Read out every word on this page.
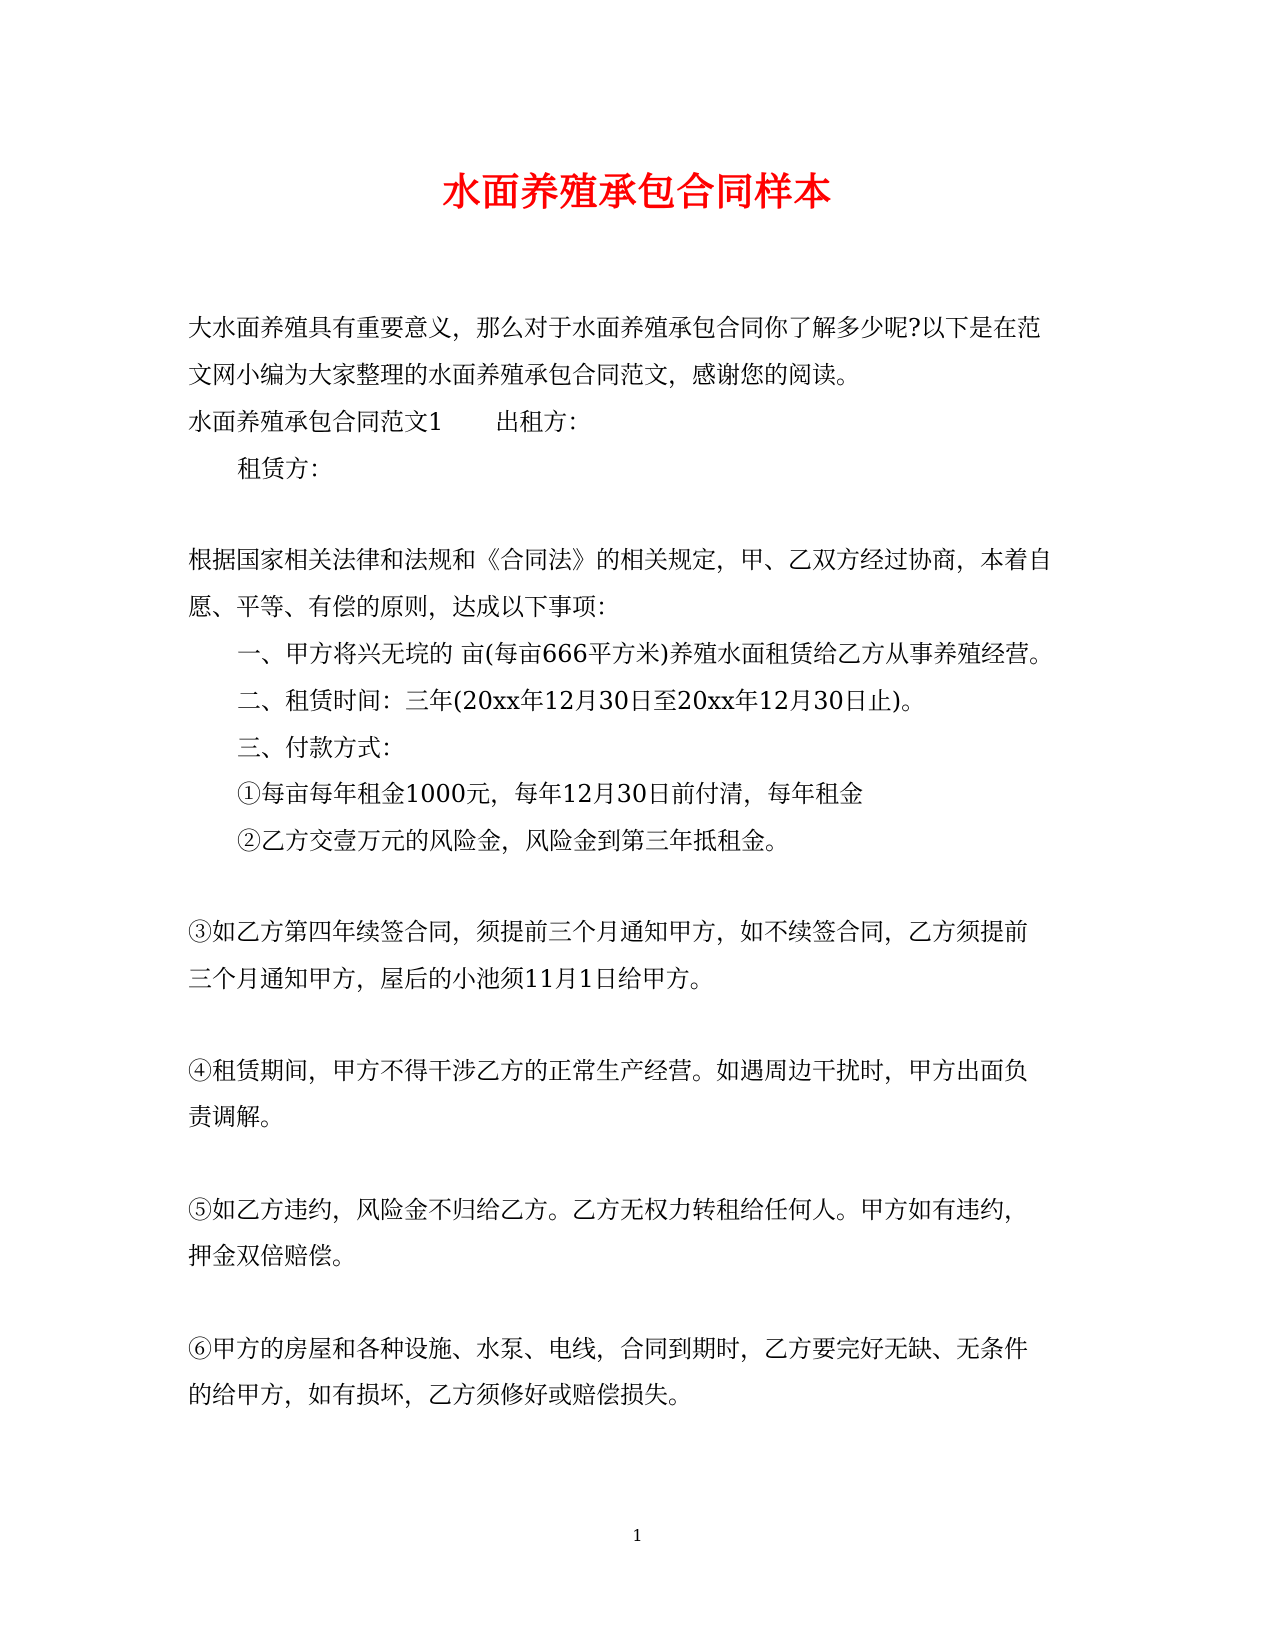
水面养殖承包合同样本
大水面养殖具有重要意义，那么对于水面养殖承包合同你了解多少呢?以下是在范
文网小编为大家整理的水面养殖承包合同范文，感谢您的阅读。
水面养殖承包合同范文1 出租方：
租赁方：
根据国家相关法律和法规和《合同法》的相关规定，甲、乙双方经过协商，本着自
愿、平等、有偿的原则，达成以下事项：
一、甲方将兴无垸的 亩(每亩666平方米)养殖水面租赁给乙方从事养殖经营。
二、租赁时间：三年(20xx年12月30日至20xx年12月30日止)。
三、付款方式：
①每亩每年租金1000元，每年12月30日前付清，每年租金
②乙方交壹万元的风险金，风险金到第三年抵租金。
③如乙方第四年续签合同，须提前三个月通知甲方，如不续签合同，乙方须提前
三个月通知甲方，屋后的小池须11月1日给甲方。
④租赁期间，甲方不得干涉乙方的正常生产经营。如遇周边干扰时，甲方出面负
责调解。
⑤如乙方违约，风险金不归给乙方。乙方无权力转租给任何人。甲方如有违约，
押金双倍赔偿。
⑥甲方的房屋和各种设施、水泵、电线，合同到期时，乙方要完好无缺、无条件
的给甲方，如有损坏，乙方须修好或赔偿损失。
1
